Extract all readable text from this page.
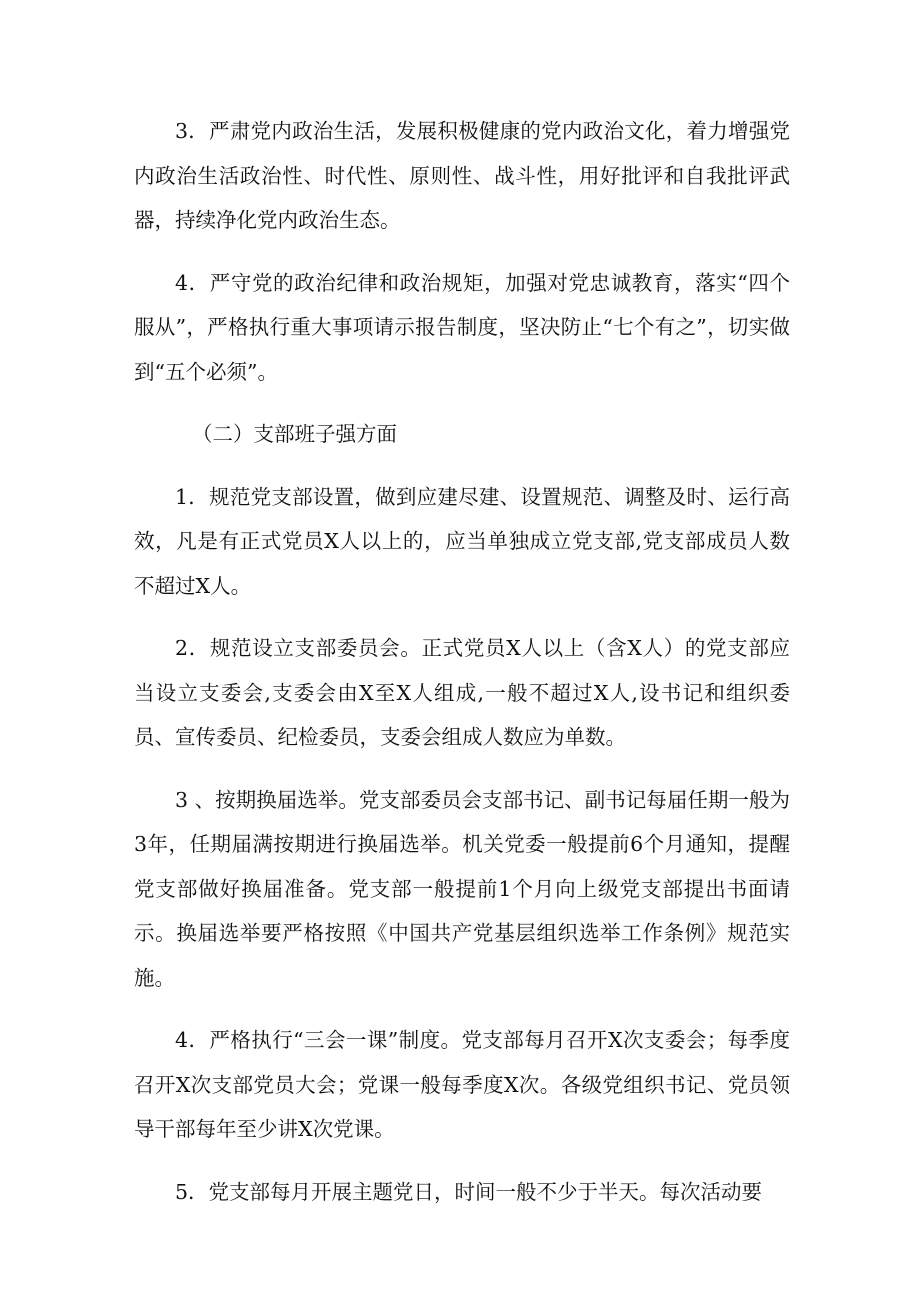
3．严肃党内政治生活，发展积极健康的党内政治文化，着力增强党内政治生活政治性、时代性、原则性、战斗性，用好批评和自我批评武器，持续净化党内政治生态。

4．严守党的政治纪律和政治规矩，加强对党忠诚教育，落实“四个服从”，严格执行重大事项请示报告制度，坚决防止“七个有之”，切实做到“五个必须”。

（二）支部班子强方面

1．规范党支部设置，做到应建尽建、设置规范、调整及时、运行高效，凡是有正式党员X人以上的，应当单独成立党支部,党支部成员人数不超过X人。

2．规范设立支部委员会。正式党员X人以上（含X人）的党支部应当设立支委会,支委会由X至X人组成,一般不超过X人,设书记和组织委员、宣传委员、纪检委员，支委会组成人数应为单数。

3 、按期换届选举。党支部委员会支部书记、副书记每届任期一般为3年，任期届满按期进行换届选举。机关党委一般提前6个月通知，提醒党支部做好换届准备。党支部一般提前1个月向上级党支部提出书面请示。换届选举要严格按照《中国共产党基层组织选举工作条例》规范实施。

4．严格执行“三会一课”制度。党支部每月召开X次支委会；每季度召开X次支部党员大会；党课一般每季度X次。各级党组织书记、党员领导干部每年至少讲X次党课。

5．党支部每月开展主题党日，时间一般不少于半天。每次活动要
